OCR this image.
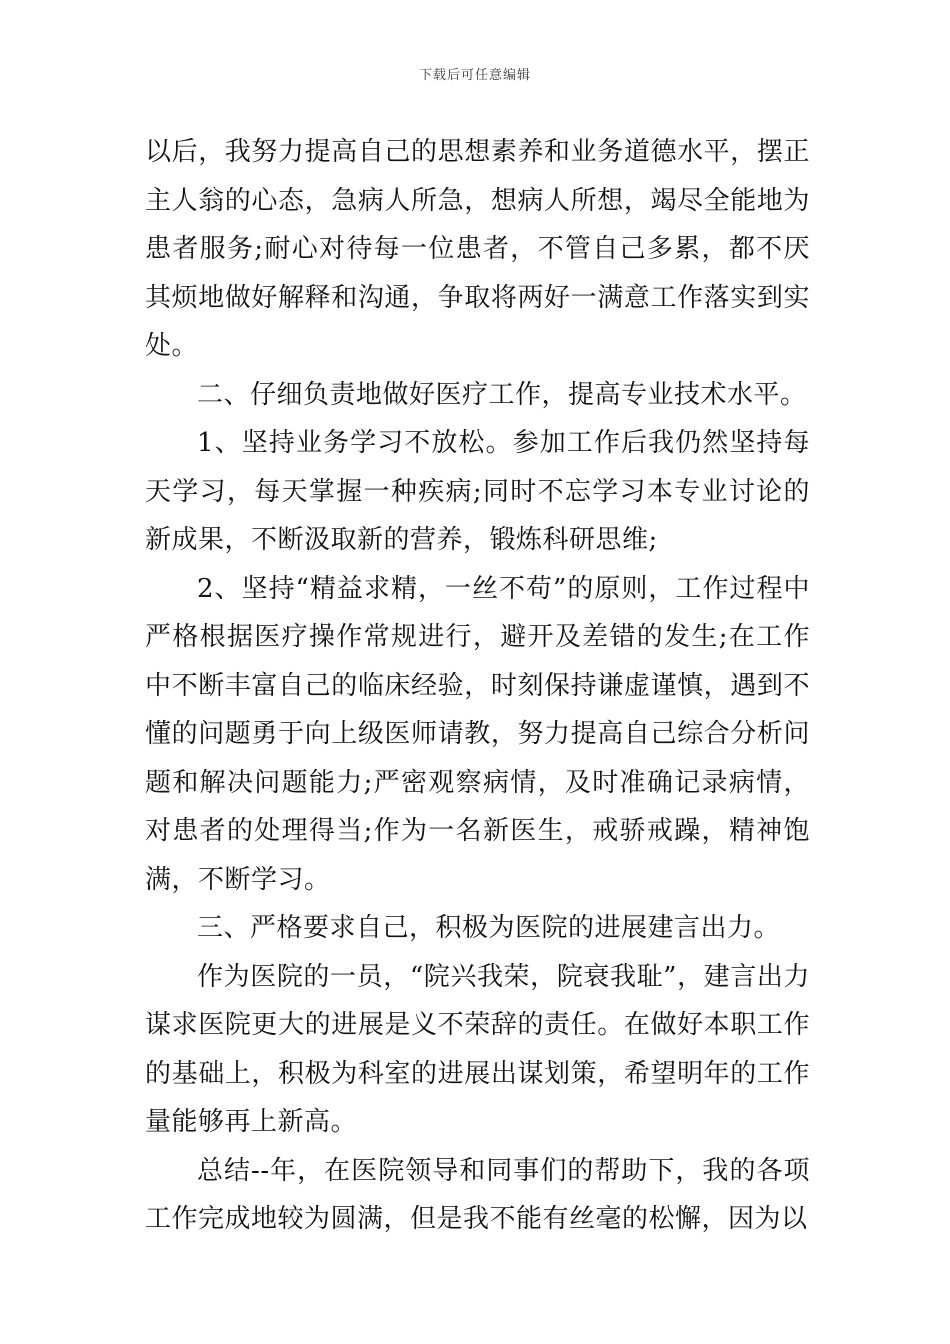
下载后可任意编辑

以后，我努力提高自己的思想素养和业务道德水平，摆正主人翁的心态，急病人所急，想病人所想，竭尽全能地为患者服务;耐心对待每一位患者，不管自己多累，都不厌其烦地做好解释和沟通，争取将两好一满意工作落实到实处。

二、仔细负责地做好医疗工作，提高专业技术水平。

1、坚持业务学习不放松。参加工作后我仍然坚持每天学习，每天掌握一种疾病;同时不忘学习本专业讨论的新成果，不断汲取新的营养，锻炼科研思维;

2、坚持“精益求精，一丝不苟”的原则，工作过程中严格根据医疗操作常规进行，避开及差错的发生;在工作中不断丰富自己的临床经验，时刻保持谦虚谨慎，遇到不懂的问题勇于向上级医师请教，努力提高自己综合分析问题和解决问题能力;严密观察病情，及时准确记录病情，对患者的处理得当;作为一名新医生，戒骄戒躁，精神饱满，不断学习。

三、严格要求自己，积极为医院的进展建言出力。

作为医院的一员，“院兴我荣，院衰我耻”，建言出力谋求医院更大的进展是义不荣辞的责任。在做好本职工作的基础上，积极为科室的进展出谋划策，希望明年的工作量能够再上新高。

总结--年，在医院领导和同事们的帮助下，我的各项工作完成地较为圆满，但是我不能有丝毫的松懈，因为以
